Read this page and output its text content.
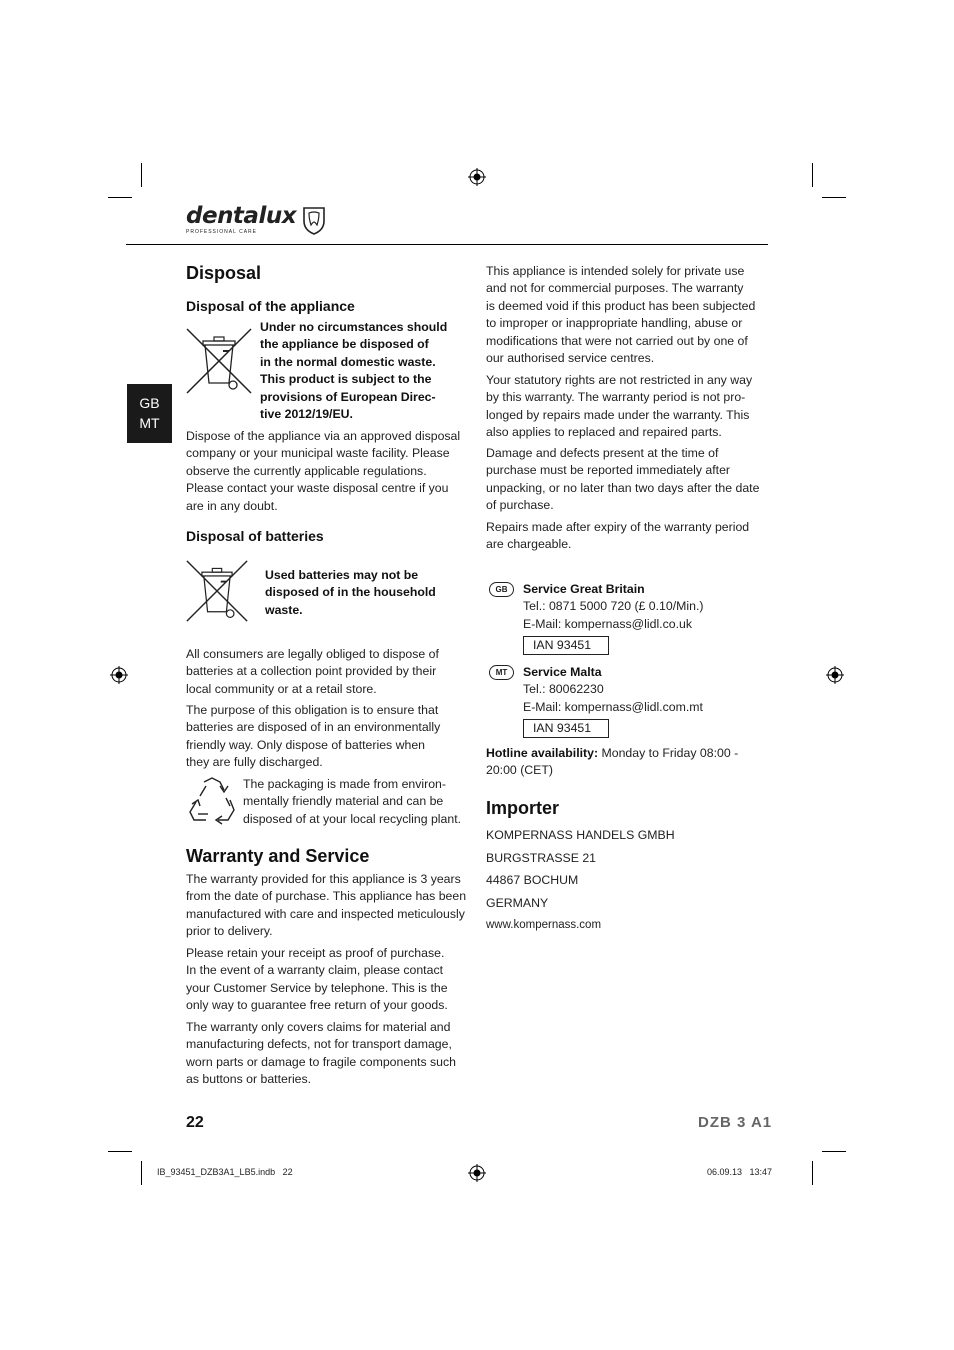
dentalux
PROFESSIONAL CARE
GB
MT
Disposal
Disposal of the appliance
Under no circumstances should
the appliance be disposed of
in the normal domestic waste.
This product is subject to the
provisions of European Direc-
tive 2012/19/EU.
Dispose of the appliance via an approved disposal
company or your municipal waste facility. Please
observe the currently applicable regulations.
Please contact your waste disposal centre if you
are in any doubt.
Disposal of batteries
Used batteries may not be
disposed of in the household
waste.
All consumers are legally obliged to dispose of
batteries at a collection point provided by their
local community or at a retail store.
The purpose of this obligation is to ensure that
batteries are disposed of in an environmentally
friendly way. Only dispose of batteries when
they are fully discharged.
The packaging is made from environ-
mentally friendly material and can be
disposed of at your local recycling plant.
Warranty and Service
The warranty provided for this appliance is 3 years
from the date of purchase. This appliance has been
manufactured with care and inspected meticulously
prior to delivery.
Please retain your receipt as proof of purchase.
In the event of a warranty claim, please contact
your Customer Service by telephone. This is the
only way to guarantee free return of your goods.
The warranty only covers claims for material and
manufacturing defects, not for transport damage,
worn parts or damage to fragile components such
as buttons or batteries.
This appliance is intended solely for private use
and not for commercial purposes. The warranty
is deemed void if this product has been subjected
to improper or inappropriate handling, abuse or
modifications that were not carried out by one of
our authorised service centres.
Your statutory rights are not restricted in any way
by this warranty. The warranty period is not pro-
longed by repairs made under the warranty. This
also applies to replaced and repaired parts.
Damage and defects present at the time of
purchase must be reported immediately after
unpacking, or no later than two days after the date
of purchase.
Repairs made after expiry of the warranty period
are chargeable.
GB	Service Great Britain
Tel.: 0871 5000 720 (£ 0.10/Min.)
E-Mail: kompernass@lidl.co.uk
IAN 93451
MT	Service Malta
Tel.: 80062230
E-Mail: kompernass@lidl.com.mt
IAN 93451
Hotline availability: Monday to Friday 08:00 -
20:00 (CET)
Importer
KOMPERNASS HANDELS GMBH
BURGSTRASSE 21
44867 BOCHUM
GERMANY
www.kompernass.com
22	DZB 3 A1
IB_93451_DZB3A1_LB5.indb   22	06.09.13   13:47
